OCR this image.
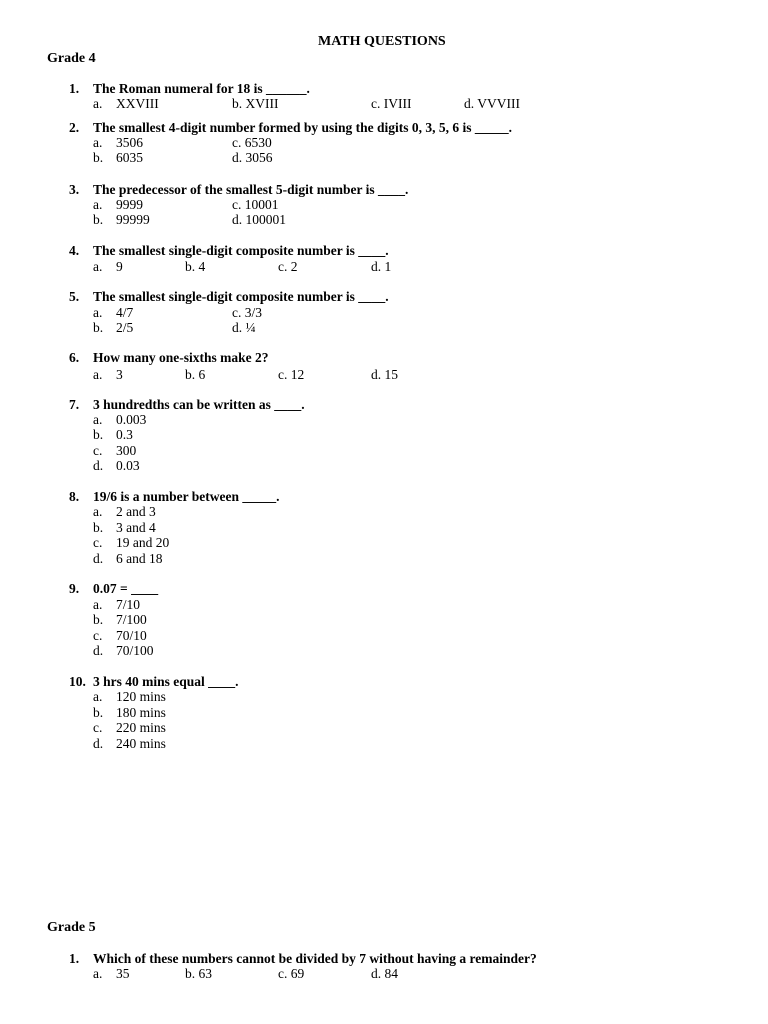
MATH QUESTIONS
Grade 4
1. The Roman numeral for 18 is ______.
a. XXVIII	b. XVIII	c. IVIII	d. VVVIII
2. The smallest 4-digit number formed by using the digits 0, 3, 5, 6 is _____.
a. 3506	c. 6530
b. 6035	d. 3056
3. The predecessor of the smallest 5-digit number is ____.
a. 9999	c. 10001
b. 99999	d. 100001
4. The smallest single-digit composite number is ____.
a. 9	b. 4	c. 2	d. 1
5. The smallest single-digit composite number is ____.
a. 4/7	c. 3/3
b. 2/5	d. ¼
6. How many one-sixths make 2?
a. 3	b. 6	c. 12	d. 15
7. 3 hundredths can be written as ____.
a. 0.003
b. 0.3
c. 300
d. 0.03
8. 19/6 is a number between _____.
a. 2 and 3
b. 3 and 4
c. 19 and 20
d. 6 and 18
9. 0.07 = ____
a. 7/10
b. 7/100
c. 70/10
d. 70/100
10. 3 hrs 40 mins equal ____.
a. 120 mins
b. 180 mins
c. 220 mins
d. 240 mins
Grade 5
1. Which of these numbers cannot be divided by 7 without having a remainder?
a. 35	b. 63	c. 69	d. 84
